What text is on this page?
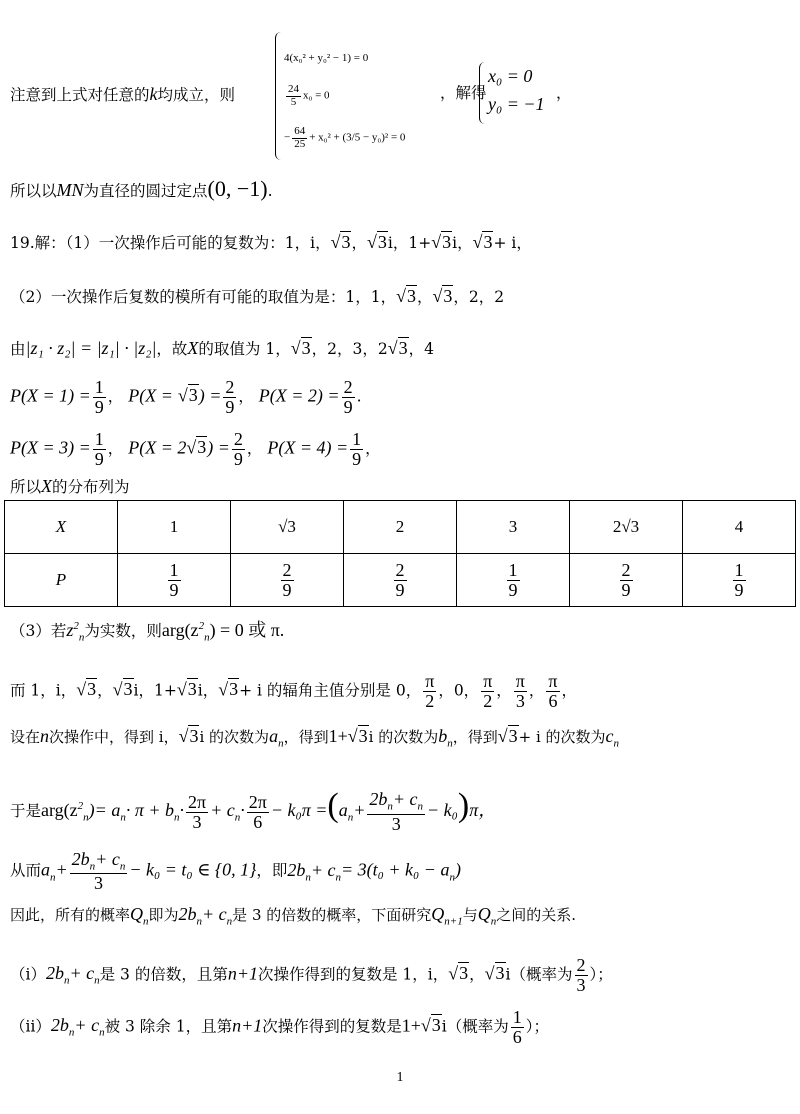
注意到上式对任意的k均成立，则
4(x₀² + y₀² − 1) = 0
$\frac{24}{5} x_0 = 0$
− $\frac{64}{25} + x_0^2 + (3/5 - y_0)^2 = 0$
，解得
x₀ = 0
y₀ = −1
，
所以以MN为直径的圆过定点(0, −1).
19.解：（1）一次操作后可能的复数为：1，i，√3，√3i，1+√3i，√3+ i，
（2）一次操作后复数的模所有可能的取值为是：1，1，√3，√3，2，2
由|z₁ · z₂| = |z₁| · |z₂|，故X的取值为 1，√3，2，3，2√3，4
$P(X = 1) = \frac{1}{9}$ ， $P(X = √3) = \frac{2}{9}$ ， $P(X = 2) = \frac{2}{9}$ .
$P(X = 3) = \frac{1}{9}$ ， $P(X = 2√3) = \frac{2}{9}$ ， $P(X = 4) = \frac{1}{9}$ ，
所以X的分布列为
X	1	√3	2	3	2√3	4
P	$\frac{1}{9}$	$\frac{2}{9}$	$\frac{2}{9}$	$\frac{1}{9}$	$\frac{2}{9}$	$\frac{1}{9}$
（3）若$z^2_n$为实数，则$arg(z^2_n) = 0$ 或 π.
而 1，i，√3，√3i，1+√3i，√3+ i 的辐角主值分别是 0， $\frac{\pi}{2}$ ，0， $\frac{\pi}{2}$ ， $\frac{\pi}{3}$ ， $\frac{\pi}{6}$ ，
设在n次操作中，得到 i，√3i 的次数为$a_n$，得到1+√3i 的次数为$b_n$，得到√3+ i 的次数为$c_n$
于是$arg(z^2_n)= a_n\cdot \pi + b_n\cdot \frac{2\pi}{3} + c_n\cdot \frac{2\pi}{6} - k_0\pi =(a_n+ \frac{2b_n+ c_n}{3} - k_0)\pi$，
从而$a_n+ \frac{2b_n+ c_n}{3} - k_0 = t_0$ ∈ {0, 1}，即$2b_n+ c_n= 3(t_0 + k_0 - a_n)$
因此，所有的概率$Q_n$即为$2b_n+ c_n$是 3 的倍数的概率，下面研究$Q_{n+1}$与$Q_n$之间的关系.
$(ⅰ)2b_n+ c_n$是 3 的倍数，且第n+1次操作得到的复数是 1，i，√3，√3i（概率为 $\frac{2}{3}$ ）；
$(ⅱ)2b_n+ c_n$被 3 除余 1，且第n+1次操作得到的复数是1+√3i（概率为 $\frac{1}{6}$ ）；
1
